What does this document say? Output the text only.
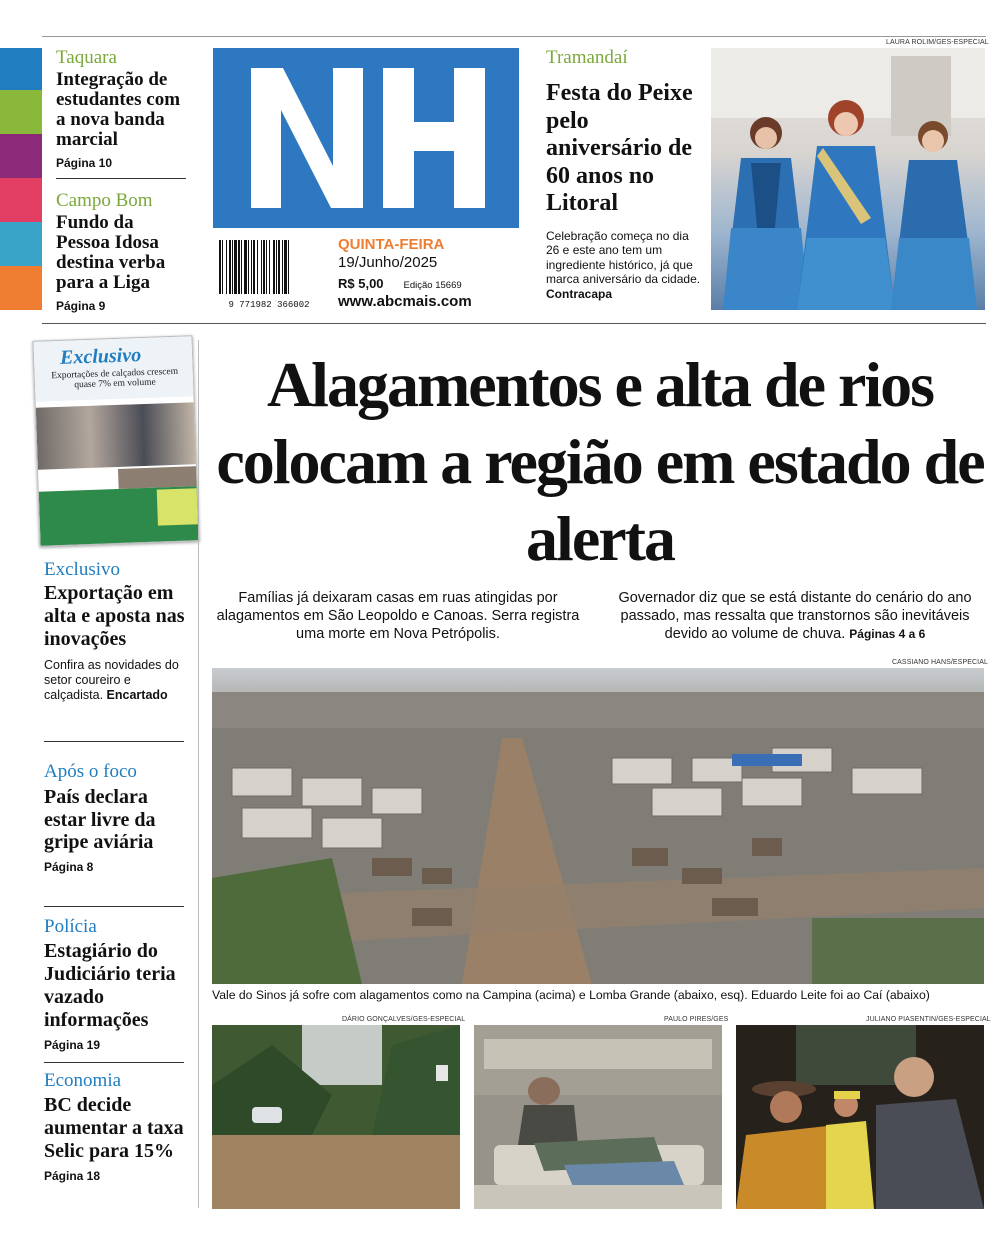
Taquara
Integração de estudantes com a nova banda marcial
Página 10
Campo Bom
Fundo da Pessoa Idosa destina verba para a Liga
Página 9	9 771982 366002
QUINTA-FEIRA
19/Junho/2025
R$ 5,00 Edição 15669
www.abcmais.com
Tramandaí
Festa do Peixe pelo aniversário de 60 anos no Litoral
Celebração começa no dia 26 e este ano tem um ingrediente histórico, já que marca aniversário da cidade. Contracapa
LAURA ROLIM/GES-ESPECIAL
Exclusivo
Exportações de calçados crescem quase 7% em volume
Exclusivo
Exportação em alta e aposta nas inovações
Confira as novidades do setor coureiro e calçadista. Encartado
Após o foco
País declara estar livre da gripe aviária
Página 8
Polícia
Estagiário do Judiciário teria vazado informações
Página 19
Economia
BC decide aumentar a taxa Selic para 15%
Página 18
Alagamentos e alta de rios colocam a região em estado de alerta
Famílias já deixaram casas em ruas atingidas por alagamentos em São Leopoldo e Canoas. Serra registra uma morte em Nova Petrópolis.
Governador diz que se está distante do cenário do ano passado, mas ressalta que transtornos são inevitáveis devido ao volume de chuva. Páginas 4 a 6
CASSIANO HANS/ESPECIAL
Vale do Sinos já sofre com alagamentos como na Campina (acima) e Lomba Grande (abaixo, esq). Eduardo Leite foi ao Caí (abaixo)
DÁRIO GONÇALVES/GES-ESPECIAL	PAULO PIRES/GES	JULIANO PIASENTIN/GES-ESPECIAL
